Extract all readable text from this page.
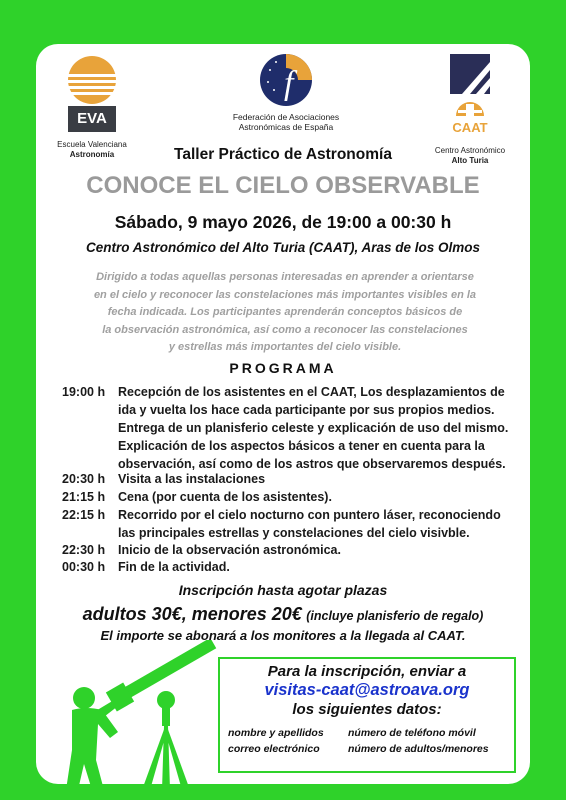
EVA
Escuela Valenciana
Astronomía
f
Federación de Asociaciones
Astronómicas de España	CAAT
Centro Astronómico
Alto Turia
Taller Práctico de Astronomía
CONOCE EL CIELO OBSERVABLE
Sábado, 9 mayo 2026, de 19:00 a 00:30 h
Centro Astronómico del Alto Turia (CAAT), Aras de los Olmos
Dirigido a todas aquellas personas interesadas en aprender a orientarse
en el cielo y reconocer las constelaciones más importantes visibles en la
fecha indicada. Los participantes aprenderán conceptos básicos de
la observación astronómica, así como a reconocer las constelaciones
y estrellas más importantes del cielo visible.
PROGRAMA
19:00 h Recepción de los asistentes en el CAAT, Los desplazamientos de
ida y vuelta los hace cada participante por sus propios medios.
Entrega de un planisferio celeste y explicación de uso del mismo.
Explicación de los aspectos básicos a tener en cuenta para la
observación, así como de los astros que observaremos después.
20:30 h Visita a las instalaciones
21:15 h Cena (por cuenta de los asistentes).
22:15 h Recorrido por el cielo nocturno con puntero láser, reconociendo
las principales estrellas y constelaciones del cielo visivble.
22:30 h Inicio de la observación astronómica.
00:30 h Fin de la actividad.
Inscripción hasta agotar plazas
adultos 30€, menores 20€ (incluye planisferio de regalo)
El importe se abonará a los monitores a la llegada al CAAT.
Para la inscripción, enviar a
visitas-caat@astroava.org
los siguientes datos:
nombre y apellidos
correo electrónico
número de teléfono móvil
número de adultos/menores
